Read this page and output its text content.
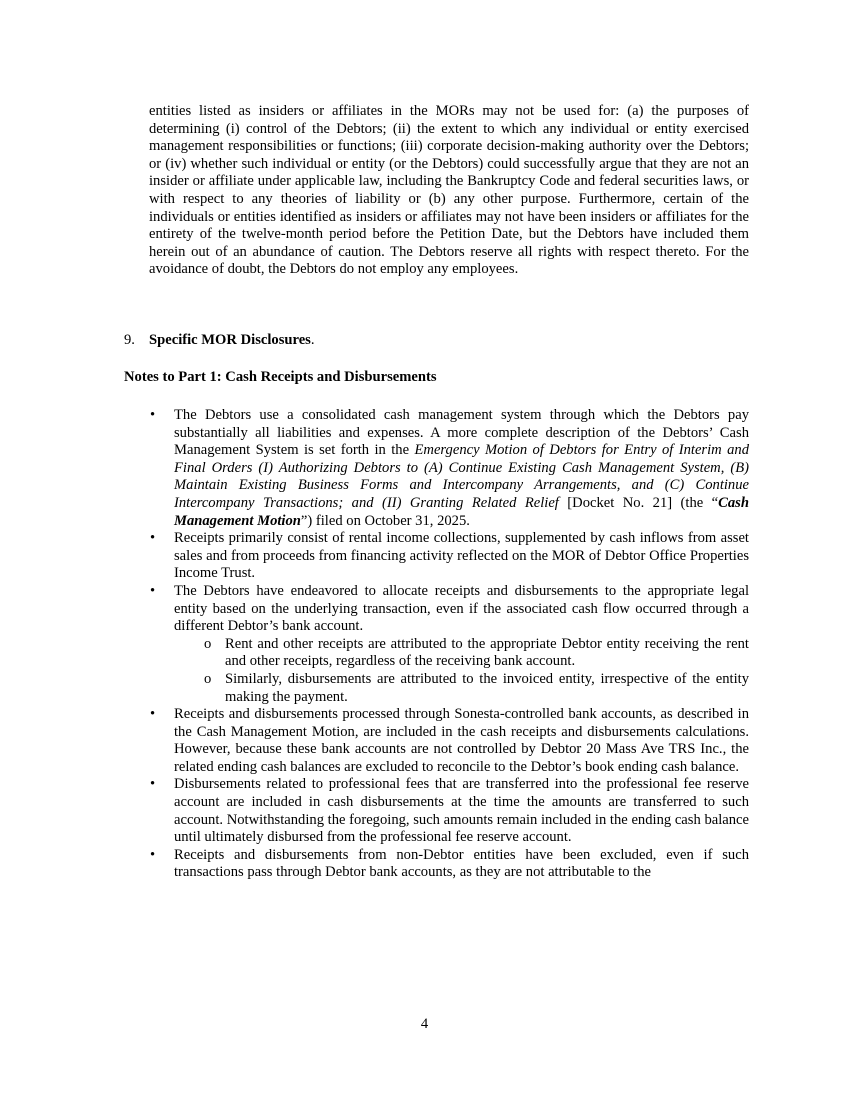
entities listed as insiders or affiliates in the MORs may not be used for: (a) the purposes of determining (i) control of the Debtors; (ii) the extent to which any individual or entity exercised management responsibilities or functions; (iii) corporate decision-making authority over the Debtors; or (iv) whether such individual or entity (or the Debtors) could successfully argue that they are not an insider or affiliate under applicable law, including the Bankruptcy Code and federal securities laws, or with respect to any theories of liability or (b) any other purpose. Furthermore, certain of the individuals or entities identified as insiders or affiliates may not have been insiders or affiliates for the entirety of the twelve-month period before the Petition Date, but the Debtors have included them herein out of an abundance of caution. The Debtors reserve all rights with respect thereto. For the avoidance of doubt, the Debtors do not employ any employees.

9. Specific MOR Disclosures.

Notes to Part 1: Cash Receipts and Disbursements

• The Debtors use a consolidated cash management system through which the Debtors pay substantially all liabilities and expenses. A more complete description of the Debtors’ Cash Management System is set forth in the Emergency Motion of Debtors for Entry of Interim and Final Orders (I) Authorizing Debtors to (A) Continue Existing Cash Management System, (B) Maintain Existing Business Forms and Intercompany Arrangements, and (C) Continue Intercompany Transactions; and (II) Granting Related Relief [Docket No. 21] (the “Cash Management Motion”) filed on October 31, 2025.
• Receipts primarily consist of rental income collections, supplemented by cash inflows from asset sales and from proceeds from financing activity reflected on the MOR of Debtor Office Properties Income Trust.
• The Debtors have endeavored to allocate receipts and disbursements to the appropriate legal entity based on the underlying transaction, even if the associated cash flow occurred through a different Debtor’s bank account.
o Rent and other receipts are attributed to the appropriate Debtor entity receiving the rent and other receipts, regardless of the receiving bank account.
o Similarly, disbursements are attributed to the invoiced entity, irrespective of the entity making the payment.
• Receipts and disbursements processed through Sonesta-controlled bank accounts, as described in the Cash Management Motion, are included in the cash receipts and disbursements calculations. However, because these bank accounts are not controlled by Debtor 20 Mass Ave TRS Inc., the related ending cash balances are excluded to reconcile to the Debtor’s book ending cash balance.
• Disbursements related to professional fees that are transferred into the professional fee reserve account are included in cash disbursements at the time the amounts are transferred to such account. Notwithstanding the foregoing, such amounts remain included in the ending cash balance until ultimately disbursed from the professional fee reserve account.
• Receipts and disbursements from non-Debtor entities have been excluded, even if such transactions pass through Debtor bank accounts, as they are not attributable to the
4
